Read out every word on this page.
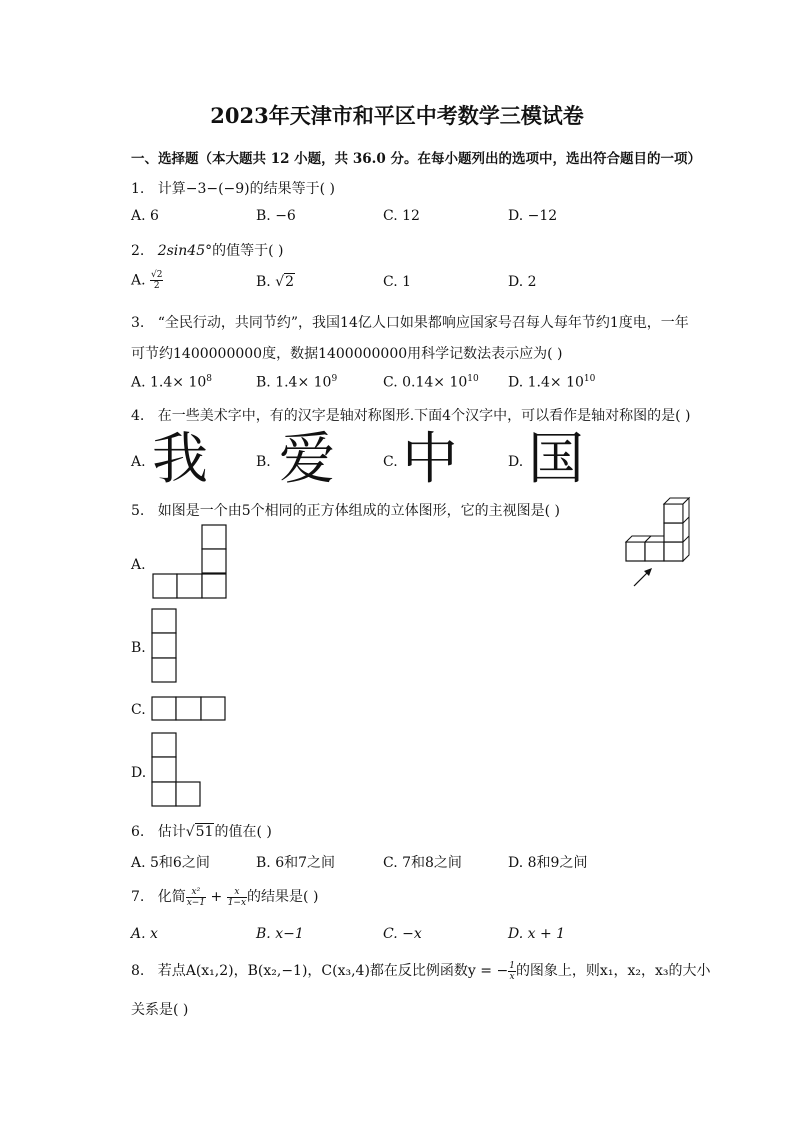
2023年天津市和平区中考数学三模试卷
一、选择题（本大题共 12 小题，共 36.0 分。在每小题列出的选项中，选出符合题目的一项）
1. 计算−3−(−9)的结果等于( )
A. 6	B. −6	C. 12	D. −12
2. 2sin45°的值等于( )
A. $\frac{√2}{2}$	B. √2	C. 1	D. 2
3. “全民行动，共同节约”，我国14亿人口如果都响应国家号召每人每年节约1度电，一年
可节约1400000000度，数据1400000000用科学记数法表示应为( )
A. $1.4\times 10^8$	B. $1.4\times 10^9$	C. $0.14\times 10^{10}$ D. $1.4\times 10^{10}$
4. 在一些美术字中，有的汉字是轴对称图形.下面4个汉字中，可以看作是轴对称图的是( )
A. 我	B. 爱	C. 中	D. 国
5. 如图是一个由5个相同的正方体组成的立体图形，它的主视图是( )
A.
B.
C.
D.
6. 估计√51的值在( )
A. 5和6之间	B. 6和7之间	C. 7和8之间	D. 8和9之间
7. 化简 $\frac{\text{x²}}{x-1} + \frac{x}{1-x}$ 的结果是( )
A. x	B. x−1	C. −x	D. x + 1
8. 若点A(x₁,2)，B(x₂,−1)，C(x₃,4)都在反比例函数y = − $\frac{1}{x}$ 的图象上，则x₁，x₂，x₃的大小
关系是( )
